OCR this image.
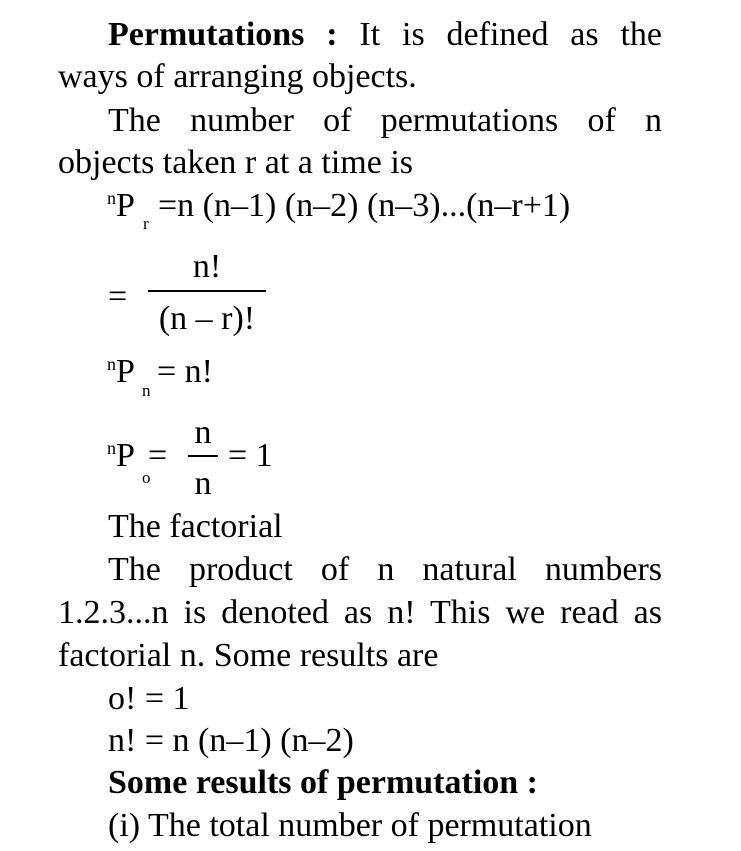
Permutations : It is defined as the

ways of arranging objects.

The number of permutations of n

objects taken r at a time is

$^n$P r =n (n–1) (n–2) (n–3)...(n–r+1)

=

n!
(n – r)!

$^n$P

n

= n!

$^n$P

o

=

n
n

= 1

The factorial

The product of n natural numbers

1.2.3...n is denoted as n! This we read as

factorial n. Some results are

o! = 1

n! = n (n–1) (n–2)

Some results of permutation :

(i) The total number of permutation
